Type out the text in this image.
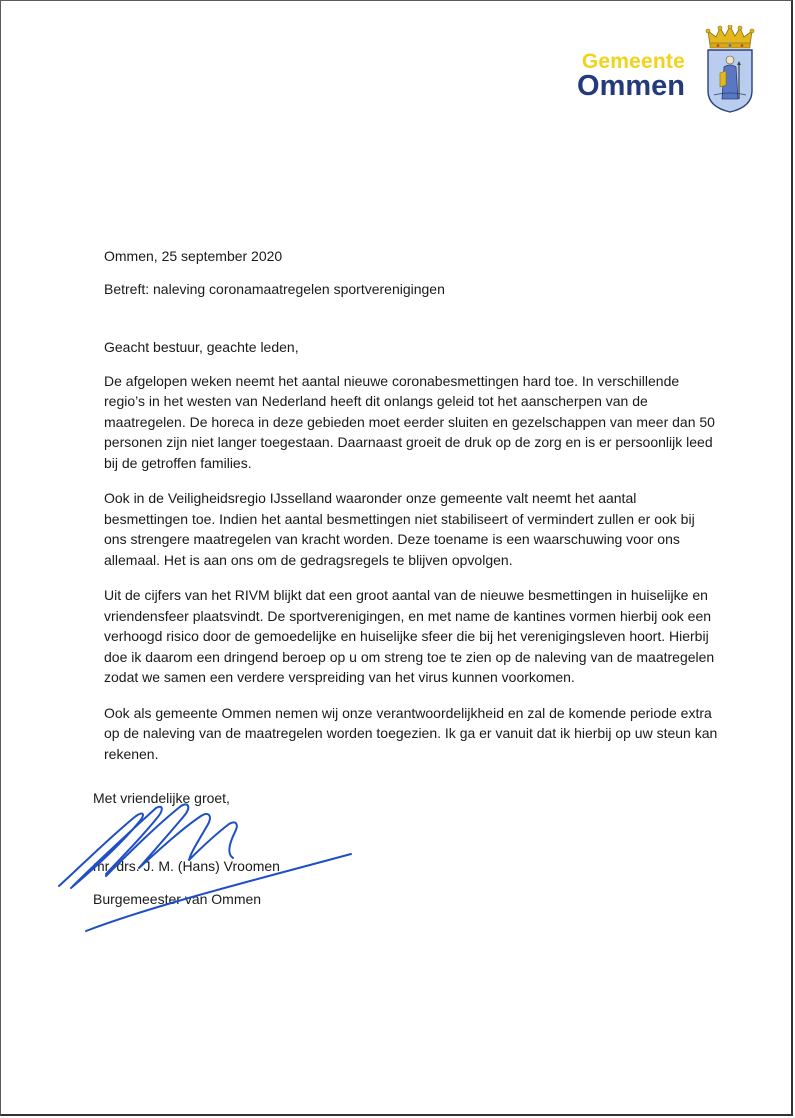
Gemeente
Ommen

Ommen, 25 september 2020

Betreft: naleving coronamaatregelen sportverenigingen

Geacht bestuur, geachte leden,

De afgelopen weken neemt het aantal nieuwe coronabesmettingen hard toe. In verschillende regio’s in het westen van Nederland heeft dit onlangs geleid tot het aanscherpen van de maatregelen. De horeca in deze gebieden moet eerder sluiten en gezelschappen van meer dan 50 personen zijn niet langer toegestaan. Daarnaast groeit de druk op de zorg en is er persoonlijk leed bij de getroffen families.

Ook in de Veiligheidsregio IJsselland waaronder onze gemeente valt neemt het aantal besmettingen toe. Indien het aantal besmettingen niet stabiliseert of vermindert zullen er ook bij ons strengere maatregelen van kracht worden. Deze toename is een waarschuwing voor ons allemaal. Het is aan ons om de gedragsregels te blijven opvolgen.

Uit de cijfers van het RIVM blijkt dat een groot aantal van de nieuwe besmettingen in huiselijke en vriendensfeer plaatsvindt. De sportverenigingen, en met name de kantines vormen hierbij ook een verhoogd risico door de gemoedelijke en huiselijke sfeer die bij het verenigingsleven hoort. Hierbij doe ik daarom een dringend beroep op u om streng toe te zien op de naleving van de maatregelen zodat we samen een verdere verspreiding van het virus kunnen voorkomen.

Ook als gemeente Ommen nemen wij onze verantwoordelijkheid en zal de komende periode extra op de naleving van de maatregelen worden toegezien. Ik ga er vanuit dat ik hierbij op uw steun kan rekenen.

Met vriendelijke groet,

mr. drs. J. M. (Hans) Vroomen

Burgemeester van Ommen
